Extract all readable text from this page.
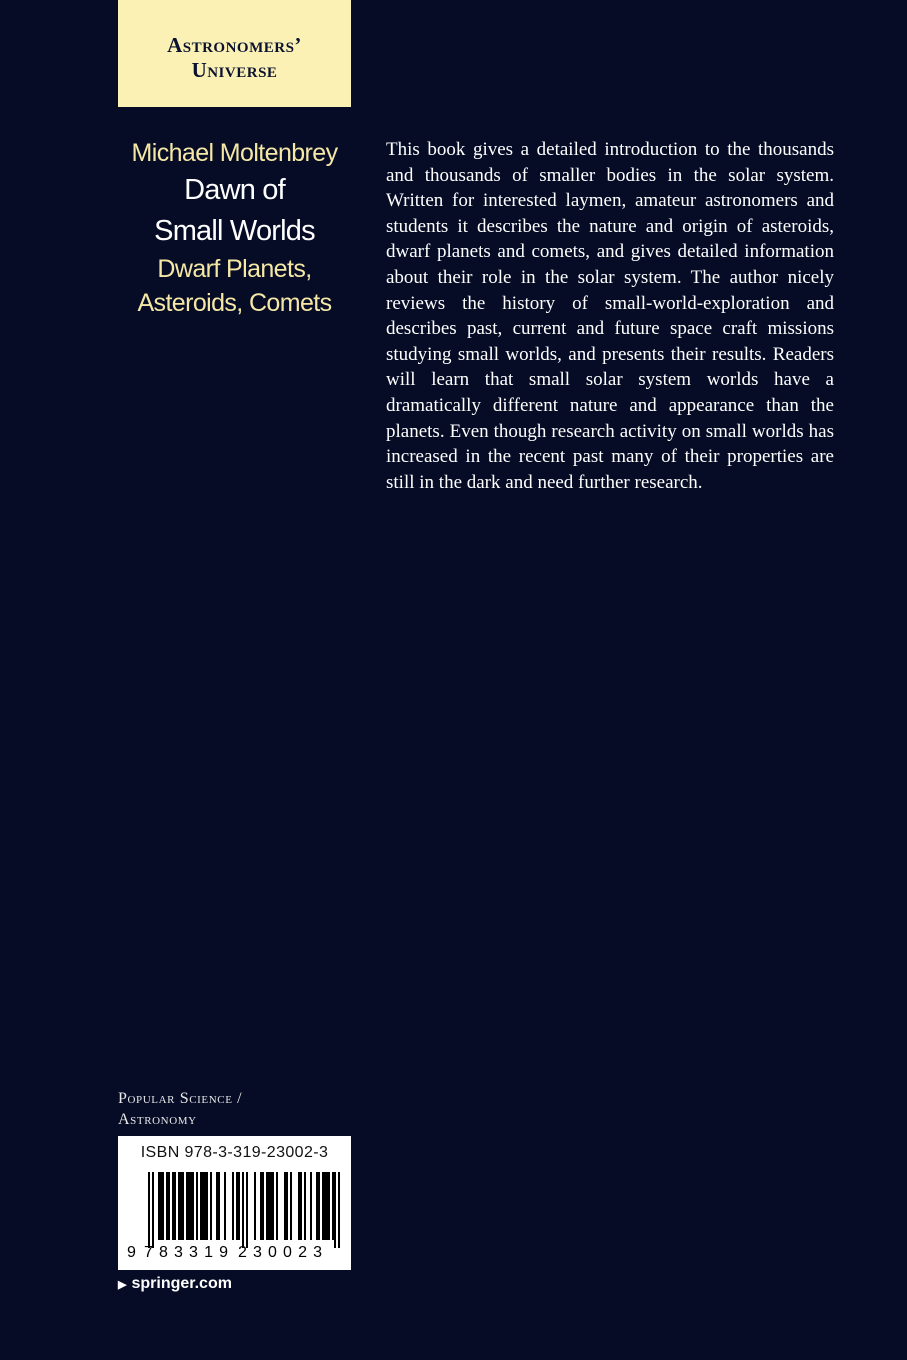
Astronomers’
Universe
Michael Moltenbrey
Dawn of
Small Worlds
Dwarf Planets,
Asteroids, Comets

This book gives a detailed introduction to the thousands and thousands of smaller bodies in the solar system. Written for interested laymen, amateur astronomers and students it describes the nature and origin of asteroids, dwarf planets and comets, and gives detailed information about their role in the solar system. The author nicely reviews the history of small-world-exploration and describes past, current and future space craft missions studying small worlds, and presents their results. Readers will learn that small solar system worlds have a dramatically different nature and appearance than the planets. Even though research activity on small worlds has increased in the recent past many of their properties are still in the dark and need further research.

Popular Science /
Astronomy
ISBN 978-3-319-23002-3
9 783319 230023
▶ springer.com
